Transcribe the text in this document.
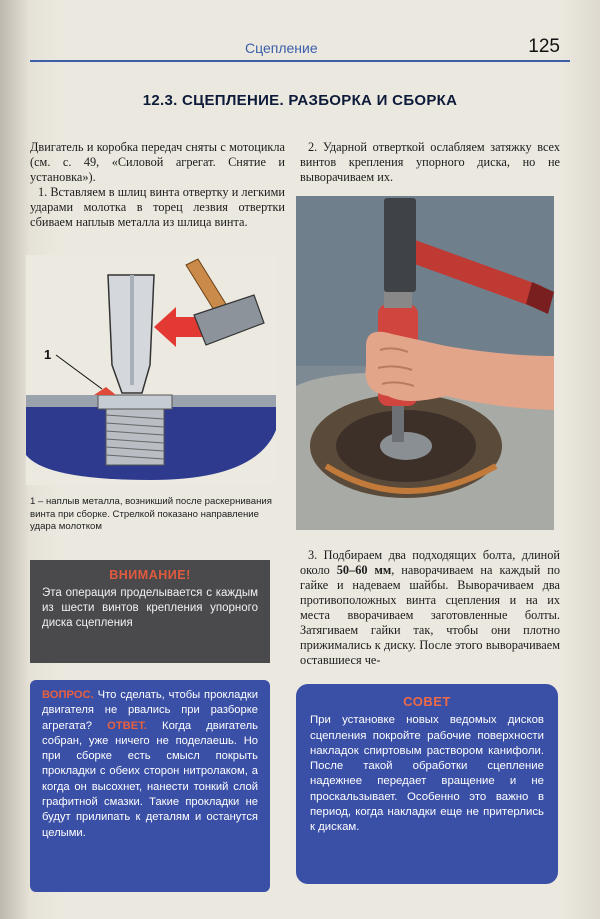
Сцепление	125
12.3. СЦЕПЛЕНИЕ. РАЗБОРКА И СБОРКА

Двигатель и коробка передач сняты с мотоцикла (см. с. 49, «Силовой агрегат. Снятие и установка»).

1. Вставляем в шлиц винта отвертку и легкими ударами молотка в торец лезвия отвертки сбиваем наплыв металла из шлица винта.

1
1 – наплыв металла, возникший после раскернивания винта при сборке. Стрелкой показано направление удара молотком
2. Ударной отверткой ослабляем затяжку всех винтов крепления упорного диска, но не выворачиваем их.
3. Подбираем два подходящих болта, длиной около 50–60 мм, наворачиваем на каждый по гайке и надеваем шайбы. Выворачиваем два противоположных винта сцепления и на их места вворачиваем заготовленные болты. Затягиваем гайки так, чтобы они плотно прижимались к диску. После этого выворачиваем оставшиеся че-
ВНИМАНИЕ!
Эта операция проделывается с каждым из шести винтов крепления упорного диска сцепления
ВОПРОС. Что сделать, чтобы прокладки двигателя не рвались при разборке агрегата? ОТВЕТ. Когда двигатель собран, уже ничего не поделаешь. Но при сборке есть смысл покрыть прокладки с обеих сторон нитролаком, а когда он высохнет, нанести тонкий слой графитной смазки. Такие прокладки не будут прилипать к деталям и останутся целыми.
СОВЕТ
При установке новых ведомых дисков сцепления покройте рабочие поверхности накладок спиртовым раствором канифоли. После такой обработки сцепление надежнее передает вращение и не проскальзывает. Особенно это важно в период, когда накладки еще не притерлись к дискам.
